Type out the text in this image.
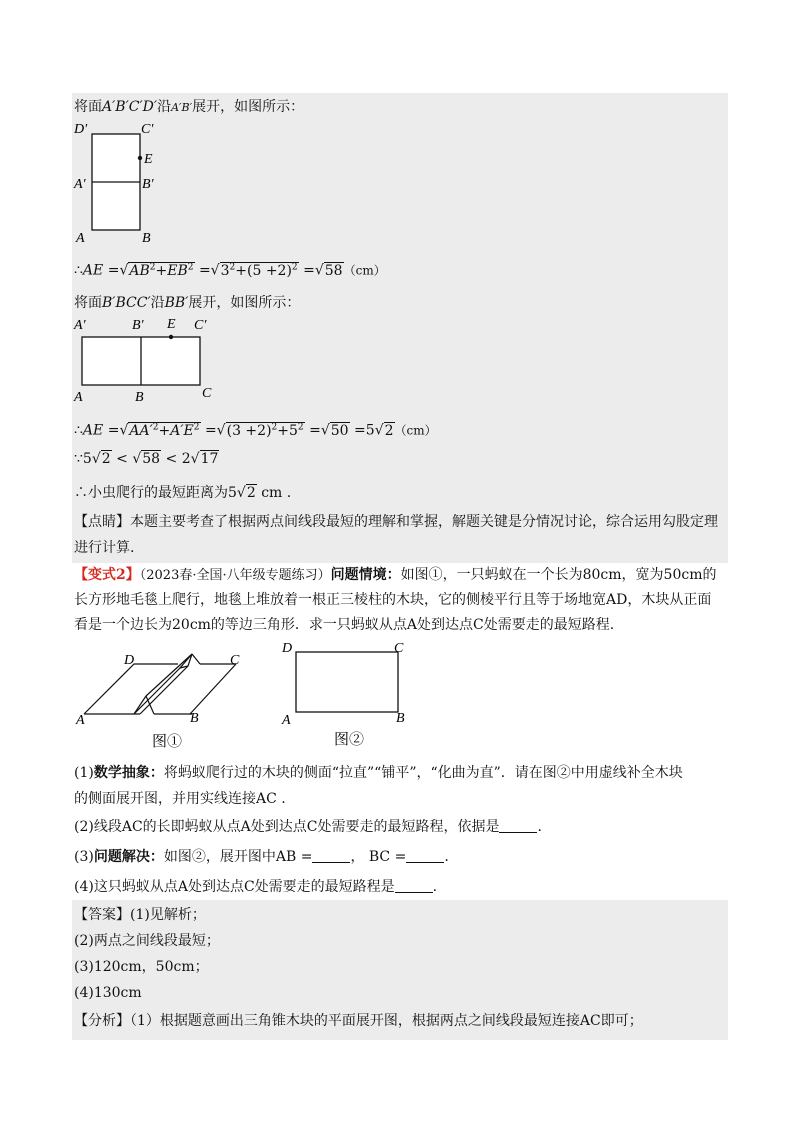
将面A′B′C′D′沿A′B′展开，如图所示：
D′	C′
E
A′	B′
A	B
∴AE $=√AB^2+EB^2 =√3^2+(5 +2)^2 =√58(cm)$
将面B′BCC′沿BB′展开，如图所示：
A′	B′ E C′
A	B	C
∴AE $=√AA'^2+A'E^2 =√(3 +2)^2+5^2 =√50 =5√2(cm)$
∵5√2 < √58 < 2√17
∴小虫爬行的最短距离为5√2 cm .
【点睛】本题主要考查了根据两点间线段最短的理解和掌握，解题关键是分情况讨论，综合运用勾股定理
进行计算.
【变式2】（2023春·全国·八年级专题练习）问题情境：如图①，一只蚂蚁在一个长为80cm，宽为50cm的
长方形地毛毯上爬行，地毯上堆放着一根正三棱柱的木块，它的侧棱平行且等于场地宽AD，木块从正面
看是一个边长为20cm的等边三角形．求一只蚂蚁从点A处到达点C处需要走的最短路程.
D	C
A	B
图①
D	C
A	B
图②
(1)数学抽象：将蚂蚁爬行过的木块的侧面“拉直”“铺平”，“化曲为直”．请在图②中用虚线补全木块
的侧面展开图，并用实线连接AC .
(2)线段AC的长即蚂蚁从点A处到达点C处需要走的最短路程，依据是	.
(3)问题解决：如图②，展开图中AB =	， BC =	.
(4)这只蚂蚁从点A处到达点C处需要走的最短路程是	.
【答案】(1)见解析；
(2)两点之间线段最短；
(3)120cm，50cm；
(4)130cm
【分析】（1）根据题意画出三角锥木块的平面展开图，根据两点之间线段最短连接AC即可；
